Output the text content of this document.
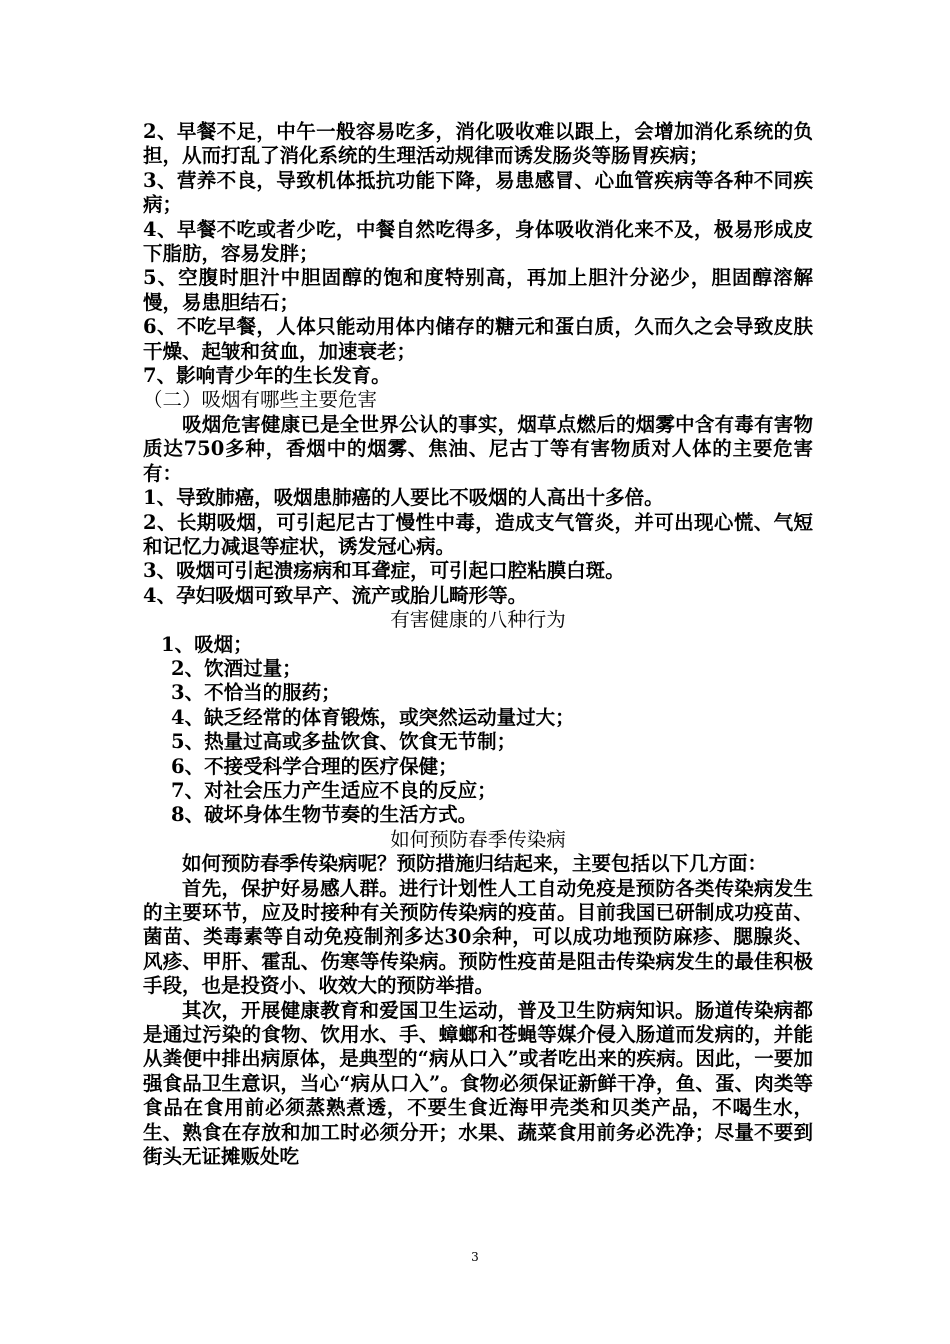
2、早餐不足，中午一般容易吃多，消化吸收难以跟上，会增加消化系统的负担，从而打乱了消化系统的生理活动规律而诱发肠炎等肠胃疾病；

3、营养不良，导致机体抵抗功能下降，易患感冒、心血管疾病等各种不同疾病；

4、早餐不吃或者少吃，中餐自然吃得多，身体吸收消化来不及，极易形成皮下脂肪，容易发胖；

5、空腹时胆汁中胆固醇的饱和度特别高，再加上胆汁分泌少，胆固醇溶解慢，易患胆结石；

6、不吃早餐，人体只能动用体内储存的糖元和蛋白质，久而久之会导致皮肤干燥、起皱和贫血，加速衰老；

7、影响青少年的生长发育。

（二）吸烟有哪些主要危害

吸烟危害健康已是全世界公认的事实，烟草点燃后的烟雾中含有毒有害物质达750多种，香烟中的烟雾、焦油、尼古丁等有害物质对人体的主要危害有：

1、导致肺癌，吸烟患肺癌的人要比不吸烟的人高出十多倍。

2、长期吸烟，可引起尼古丁慢性中毒，造成支气管炎，并可出现心慌、气短和记忆力减退等症状，诱发冠心病。

3、吸烟可引起溃疡病和耳聋症，可引起口腔粘膜白斑。

4、孕妇吸烟可致早产、流产或胎儿畸形等。

有害健康的八种行为

1、吸烟；

2、饮酒过量；

3、不恰当的服药；

4、缺乏经常的体育锻炼，或突然运动量过大；

5、热量过高或多盐饮食、饮食无节制；

6、不接受科学合理的医疗保健；

7、对社会压力产生适应不良的反应；

8、破坏身体生物节奏的生活方式。

如何预防春季传染病

如何预防春季传染病呢？预防措施归结起来，主要包括以下几方面：

首先，保护好易感人群。进行计划性人工自动免疫是预防各类传染病发生的主要环节，应及时接种有关预防传染病的疫苗。目前我国已研制成功疫苗、菌苗、类毒素等自动免疫制剂多达30余种，可以成功地预防麻疹、腮腺炎、风疹、甲肝、霍乱、伤寒等传染病。预防性疫苗是阻击传染病发生的最佳积极手段，也是投资小、收效大的预防举措。

其次，开展健康教育和爱国卫生运动，普及卫生防病知识。肠道传染病都是通过污染的食物、饮用水、手、蟑螂和苍蝇等媒介侵入肠道而发病的，并能从粪便中排出病原体，是典型的“病从口入”或者吃出来的疾病。因此，一要加强食品卫生意识，当心“病从口入”。食物必须保证新鲜干净，鱼、蛋、肉类等食品在食用前必须蒸熟煮透，不要生食近海甲壳类和贝类产品，不喝生水，生、熟食在存放和加工时必须分开；水果、蔬菜食用前务必洗净；尽量不要到街头无证摊贩处吃

3
